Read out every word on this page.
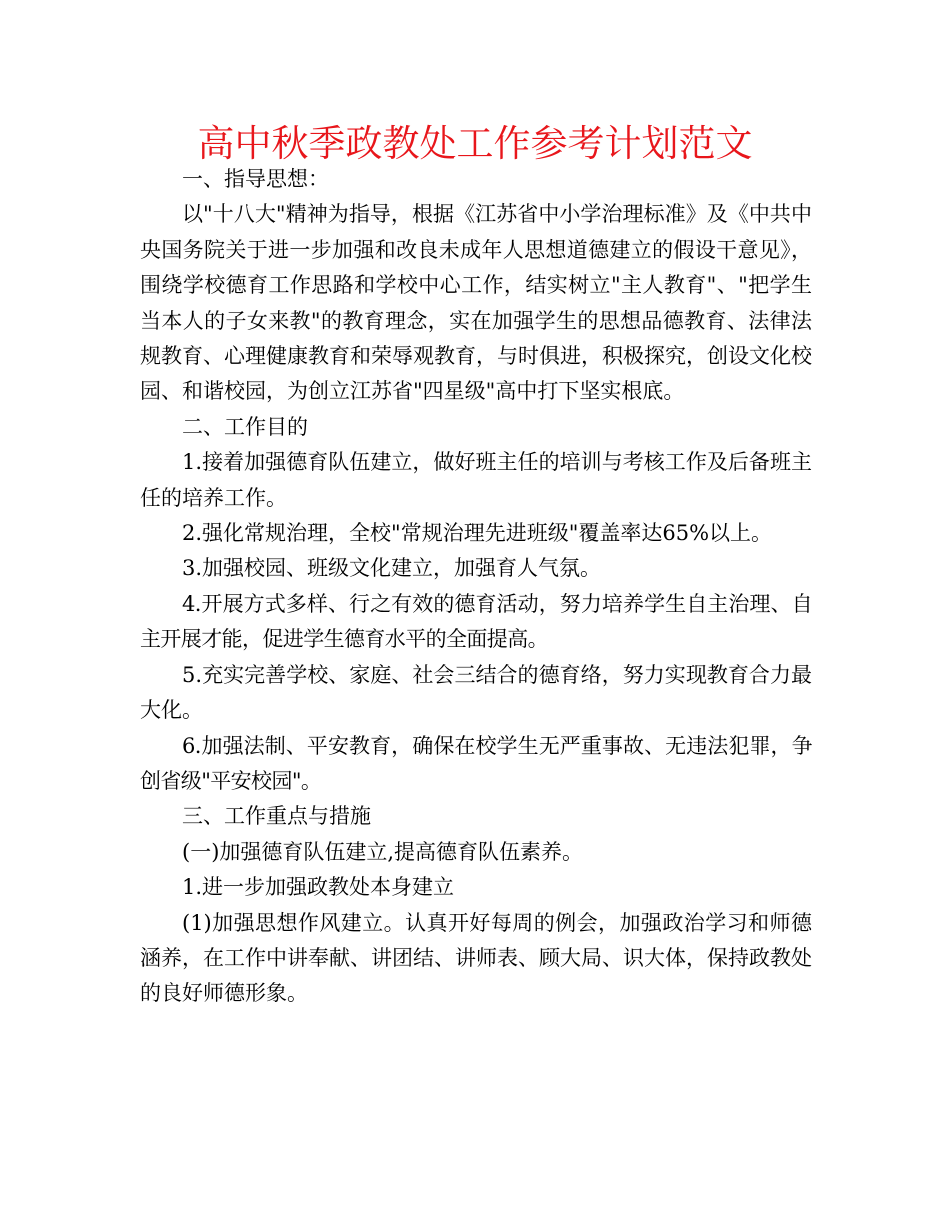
高中秋季政教处工作参考计划范文

一、指导思想：

以"十八大"精神为指导，根据《江苏省中小学治理标准》及《中共中央国务院关于进一步加强和改良未成年人思想道德建立的假设干意见》，围绕学校德育工作思路和学校中心工作，结实树立"主人教育"、"把学生当本人的子女来教"的教育理念，实在加强学生的思想品德教育、法律法规教育、心理健康教育和荣辱观教育，与时俱进，积极探究，创设文化校园、和谐校园，为创立江苏省"四星级"高中打下坚实根底。

二、工作目的

1.接着加强德育队伍建立，做好班主任的培训与考核工作及后备班主任的培养工作。

2.强化常规治理，全校"常规治理先进班级"覆盖率达65%以上。

3.加强校园、班级文化建立，加强育人气氛。

4.开展方式多样、行之有效的德育活动，努力培养学生自主治理、自主开展才能，促进学生德育水平的全面提高。

5.充实完善学校、家庭、社会三结合的德育络，努力实现教育合力最大化。

6.加强法制、平安教育，确保在校学生无严重事故、无违法犯罪，争创省级"平安校园"。

三、工作重点与措施

(一)加强德育队伍建立,提高德育队伍素养。

1.进一步加强政教处本身建立

(1)加强思想作风建立。认真开好每周的例会，加强政治学习和师德涵养，在工作中讲奉献、讲团结、讲师表、顾大局、识大体，保持政教处的良好师德形象。
